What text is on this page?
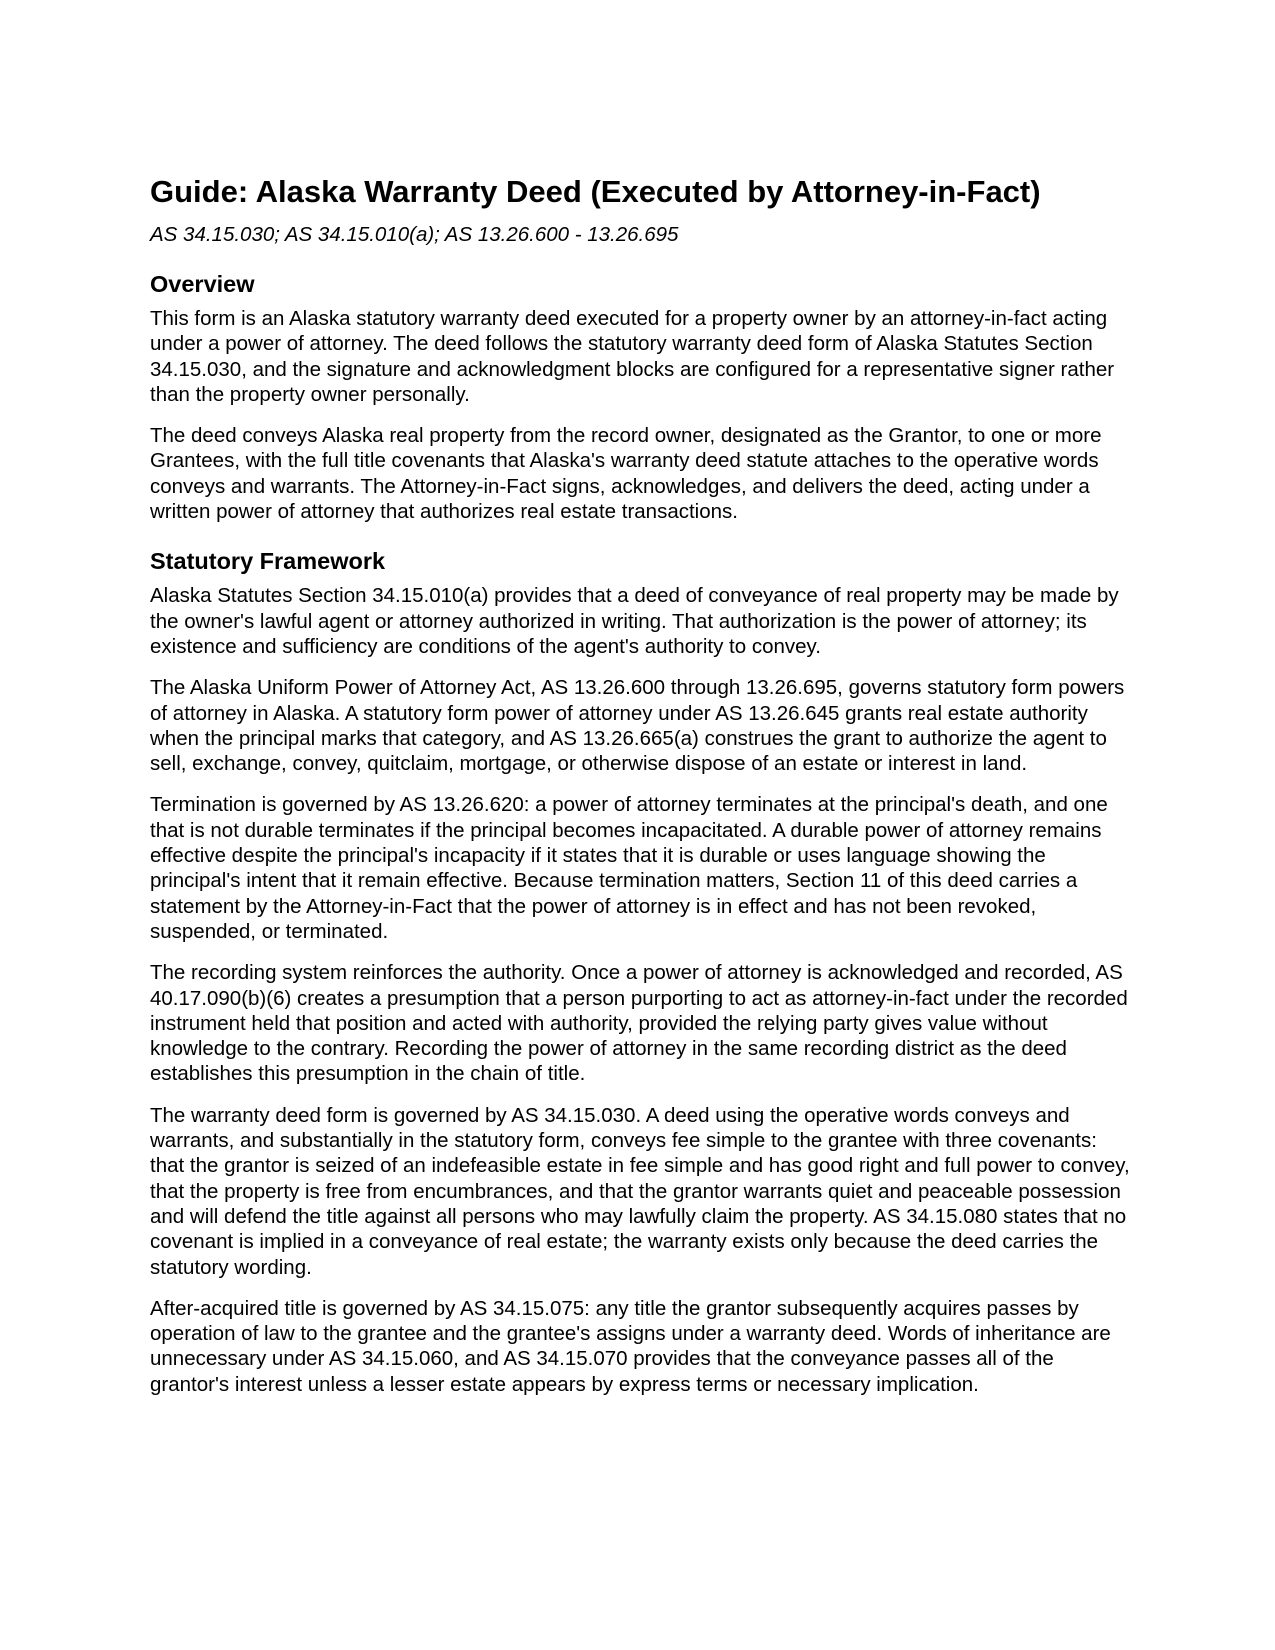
Guide: Alaska Warranty Deed (Executed by Attorney-in-Fact)

AS 34.15.030; AS 34.15.010(a); AS 13.26.600 - 13.26.695

Overview

This form is an Alaska statutory warranty deed executed for a property owner by an attorney-in-fact acting under a power of attorney. The deed follows the statutory warranty deed form of Alaska Statutes Section 34.15.030, and the signature and acknowledgment blocks are configured for a representative signer rather than the property owner personally.

The deed conveys Alaska real property from the record owner, designated as the Grantor, to one or more Grantees, with the full title covenants that Alaska's warranty deed statute attaches to the operative words conveys and warrants. The Attorney-in-Fact signs, acknowledges, and delivers the deed, acting under a written power of attorney that authorizes real estate transactions.

Statutory Framework

Alaska Statutes Section 34.15.010(a) provides that a deed of conveyance of real property may be made by the owner's lawful agent or attorney authorized in writing. That authorization is the power of attorney; its existence and sufficiency are conditions of the agent's authority to convey.

The Alaska Uniform Power of Attorney Act, AS 13.26.600 through 13.26.695, governs statutory form powers of attorney in Alaska. A statutory form power of attorney under AS 13.26.645 grants real estate authority when the principal marks that category, and AS 13.26.665(a) construes the grant to authorize the agent to sell, exchange, convey, quitclaim, mortgage, or otherwise dispose of an estate or interest in land.

Termination is governed by AS 13.26.620: a power of attorney terminates at the principal's death, and one that is not durable terminates if the principal becomes incapacitated. A durable power of attorney remains effective despite the principal's incapacity if it states that it is durable or uses language showing the principal's intent that it remain effective. Because termination matters, Section 11 of this deed carries a statement by the Attorney-in-Fact that the power of attorney is in effect and has not been revoked, suspended, or terminated.

The recording system reinforces the authority. Once a power of attorney is acknowledged and recorded, AS 40.17.090(b)(6) creates a presumption that a person purporting to act as attorney-in-fact under the recorded instrument held that position and acted with authority, provided the relying party gives value without knowledge to the contrary. Recording the power of attorney in the same recording district as the deed establishes this presumption in the chain of title.

The warranty deed form is governed by AS 34.15.030. A deed using the operative words conveys and warrants, and substantially in the statutory form, conveys fee simple to the grantee with three covenants: that the grantor is seized of an indefeasible estate in fee simple and has good right and full power to convey, that the property is free from encumbrances, and that the grantor warrants quiet and peaceable possession and will defend the title against all persons who may lawfully claim the property. AS 34.15.080 states that no covenant is implied in a conveyance of real estate; the warranty exists only because the deed carries the statutory wording.

After-acquired title is governed by AS 34.15.075: any title the grantor subsequently acquires passes by operation of law to the grantee and the grantee's assigns under a warranty deed. Words of inheritance are unnecessary under AS 34.15.060, and AS 34.15.070 provides that the conveyance passes all of the grantor's interest unless a lesser estate appears by express terms or necessary implication.
